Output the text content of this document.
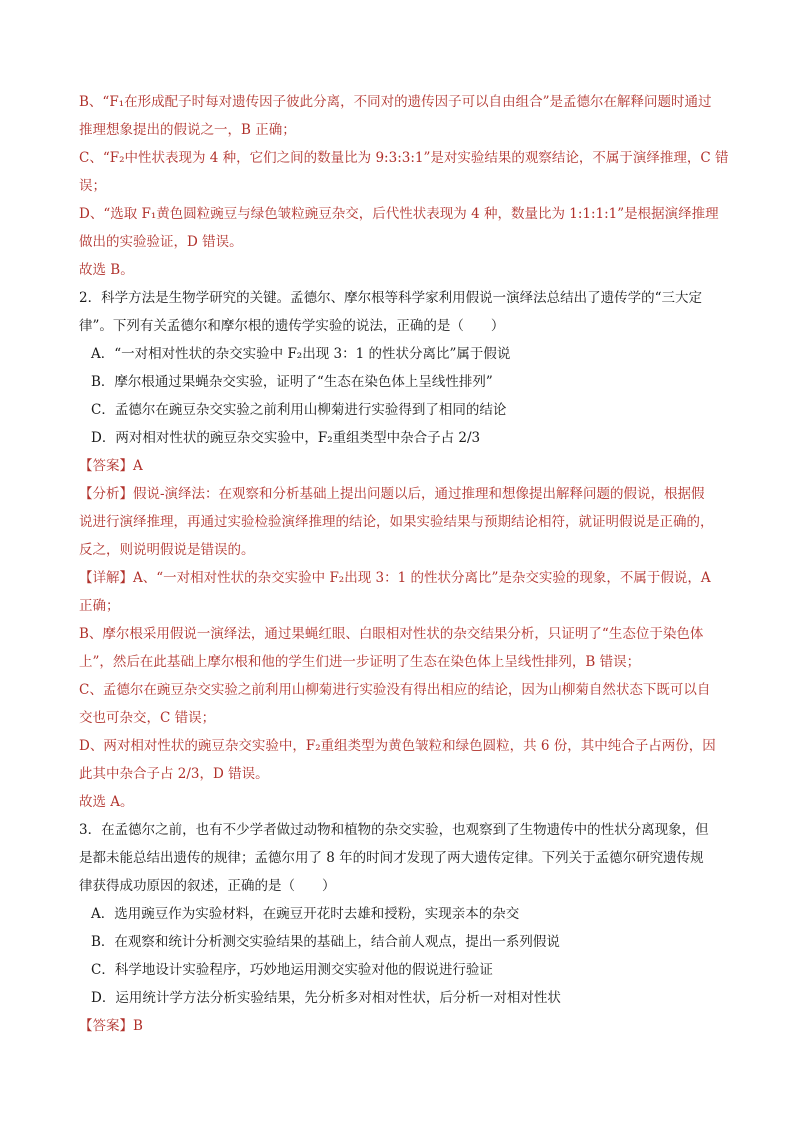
B、“F₁在形成配子时每对遗传因子彼此分离，不同对的遗传因子可以自由组合”是孟德尔在解释问题时通过
推理想象提出的假说之一，B 正确；
C、“F₂中性状表现为 4 种，它们之间的数量比为 9:3:3:1”是对实验结果的观察结论，不属于演绎推理，C 错
误；
D、“选取 F₁黄色圆粒豌豆与绿色皱粒豌豆杂交，后代性状表现为 4 种，数量比为 1:1:1:1”是根据演绎推理
做出的实验验证，D 错误。
故选 B。
2．科学方法是生物学研究的关键。孟德尔、摩尔根等科学家利用假说一演绎法总结出了遗传学的“三大定
律”。下列有关孟德尔和摩尔根的遗传学实验的说法，正确的是（　　）
A．“一对相对性状的杂交实验中 F₂出现 3：1 的性状分离比”属于假说
B．摩尔根通过果蝇杂交实验，证明了“生态在染色体上呈线性排列”
C．孟德尔在豌豆杂交实验之前利用山柳菊进行实验得到了相同的结论
D．两对相对性状的豌豆杂交实验中，F₂重组类型中杂合子占 2/3
【答案】A
【分析】假说-演绎法：在观察和分析基础上提出问题以后，通过推理和想像提出解释问题的假说，根据假
说进行演绎推理，再通过实验检验演绎推理的结论，如果实验结果与预期结论相符，就证明假说是正确的，
反之，则说明假说是错误的。
【详解】A、“一对相对性状的杂交实验中 F₂出现 3：1 的性状分离比”是杂交实验的现象，不属于假说，A
正确；
B、摩尔根采用假说一演绎法，通过果蝇红眼、白眼相对性状的杂交结果分析，只证明了“生态位于染色体
上”，然后在此基础上摩尔根和他的学生们进一步证明了生态在染色体上呈线性排列，B 错误；
C、孟德尔在豌豆杂交实验之前利用山柳菊进行实验没有得出相应的结论，因为山柳菊自然状态下既可以自
交也可杂交，C 错误；
D、两对相对性状的豌豆杂交实验中，F₂重组类型为黄色皱粒和绿色圆粒，共 6 份，其中纯合子占两份，因
此其中杂合子占 2/3，D 错误。
故选 A。
3．在孟德尔之前，也有不少学者做过动物和植物的杂交实验，也观察到了生物遗传中的性状分离现象，但
是都未能总结出遗传的规律；孟德尔用了 8 年的时间才发现了两大遗传定律。下列关于孟德尔研究遗传规
律获得成功原因的叙述，正确的是（　　）
A．选用豌豆作为实验材料，在豌豆开花时去雄和授粉，实现亲本的杂交
B．在观察和统计分析测交实验结果的基础上，结合前人观点，提出一系列假说
C．科学地设计实验程序，巧妙地运用测交实验对他的假说进行验证
D．运用统计学方法分析实验结果，先分析多对相对性状，后分析一对相对性状
【答案】B
